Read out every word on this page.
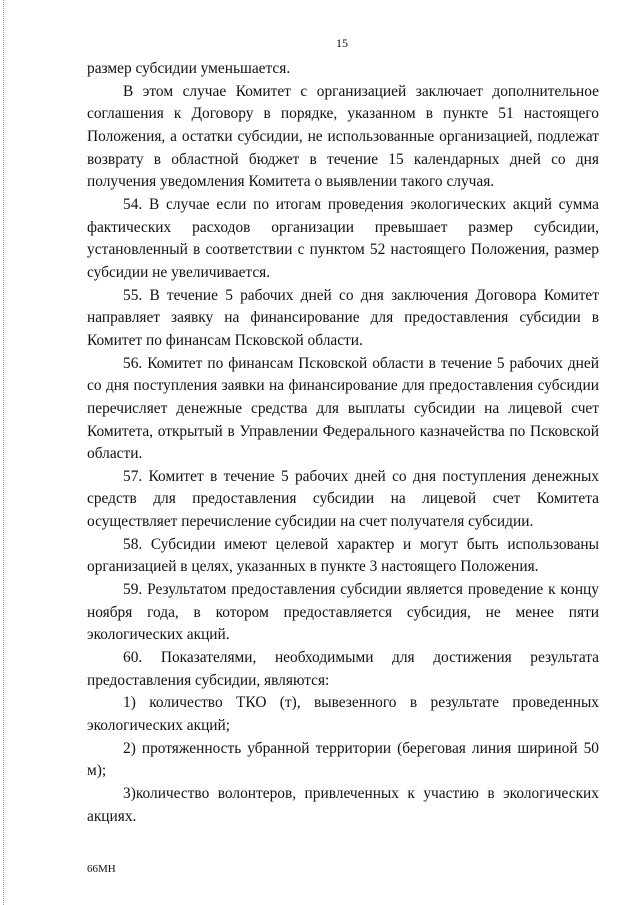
15

размер субсидии уменьшается.

В этом случае Комитет с организацией заключает дополнительное соглашения к Договору в порядке, указанном в пункте 51 настоящего Положения, а остатки субсидии, не использованные организацией, подлежат возврату в областной бюджет в течение 15 календарных дней со дня получения уведомления Комитета о выявлении такого случая.

54. В случае если по итогам проведения экологических акций сумма фактических расходов организации превышает размер субсидии, установленный в соответствии с пунктом 52 настоящего Положения, размер субсидии не увеличивается.

55. В течение 5 рабочих дней со дня заключения Договора Комитет направляет заявку на финансирование для предоставления субсидии в Комитет по финансам Псковской области.

56. Комитет по финансам Псковской области в течение 5 рабочих дней со дня поступления заявки на финансирование для предоставления субсидии перечисляет денежные средства для выплаты субсидии на лицевой счет Комитета, открытый в Управлении Федерального казначейства по Псковской области.

57. Комитет в течение 5 рабочих дней со дня поступления денежных средств для предоставления субсидии на лицевой счет Комитета осуществляет перечисление субсидии на счет получателя субсидии.

58. Субсидии имеют целевой характер и могут быть использованы организацией в целях, указанных в пункте 3 настоящего Положения.

59. Результатом предоставления субсидии является проведение к концу ноября года, в котором предоставляется субсидия, не менее пяти экологических акций.

60. Показателями, необходимыми для достижения результата предоставления субсидии, являются:

1) количество ТКО (т), вывезенного в результате проведенных экологических акций;

2) протяженность убранной территории (береговая линия шириной 50 м);

3)количество волонтеров, привлеченных к участию в экологических акциях.

66МН
